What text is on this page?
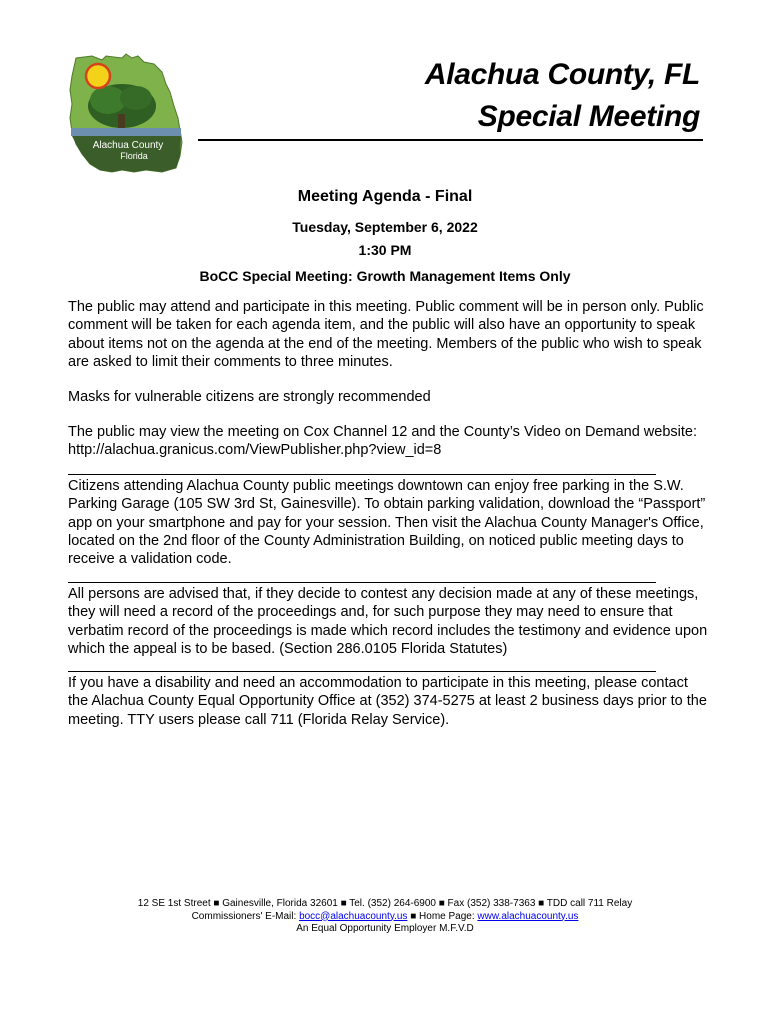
Alachua County
Florida
Alachua County, FL
Special Meeting
Meeting Agenda - Final
Tuesday, September 6, 2022
1:30 PM
BoCC Special Meeting: Growth Management Items Only

The public may attend and participate in this meeting. Public comment will be in person only. Public comment will be taken for each agenda item, and the public will also have an opportunity to speak about items not on the agenda at the end of the meeting. Members of the public who wish to speak are asked to limit their comments to three minutes.

Masks for vulnerable citizens are strongly recommended

The public may view the meeting on Cox Channel 12 and the County’s Video on Demand website: http://alachua.granicus.com/ViewPublisher.php?view_id=8

Citizens attending Alachua County public meetings downtown can enjoy free parking in the S.W. Parking Garage (105 SW 3rd St, Gainesville). To obtain parking validation, download the “Passport” app on your smartphone and pay for your session. Then visit the Alachua County Manager's Office, located on the 2nd floor of the County Administration Building, on noticed public meeting days to receive a validation code.

All persons are advised that, if they decide to contest any decision made at any of these meetings, they will need a record of the proceedings and, for such purpose they may need to ensure that verbatim record of the proceedings is made which record includes the testimony and evidence upon which the appeal is to be based. (Section 286.0105 Florida Statutes)

If you have a disability and need an accommodation to participate in this meeting, please contact the Alachua County Equal Opportunity Office at (352) 374-5275 at least 2 business days prior to the meeting. TTY users please call 711 (Florida Relay Service).

12 SE 1st Street ■ Gainesville, Florida 32601 ■ Tel. (352) 264-6900 ■ Fax (352) 338-7363 ■ TDD call 711 Relay
Commissioners' E-Mail: bocc@alachuacounty.us ■ Home Page: www.alachuacounty.us
An Equal Opportunity Employer M.F.V.D
